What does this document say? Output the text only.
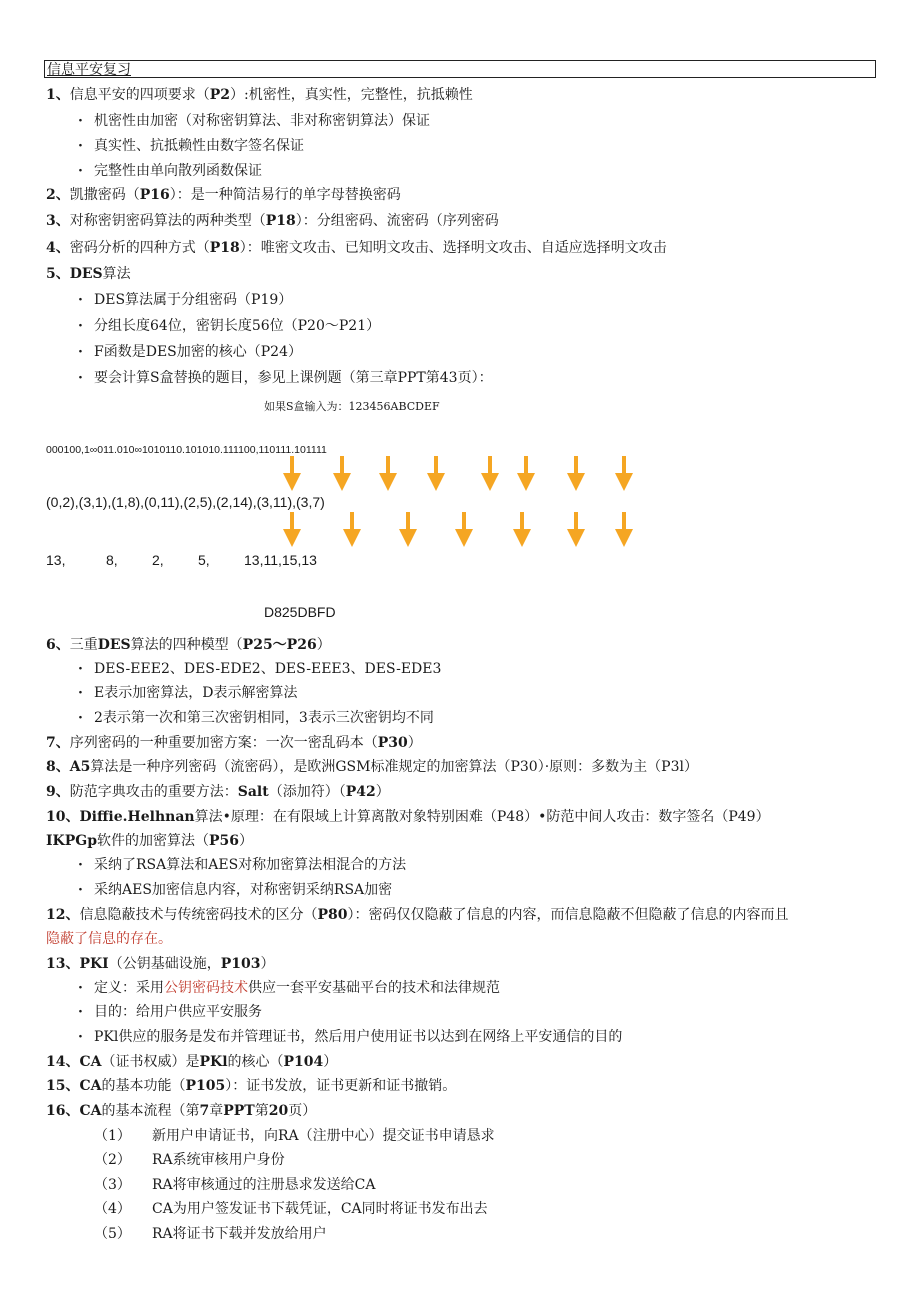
信息平安复习
1、信息平安的四项要求（P2）:机密性，真实性，完整性，抗抵赖性
· 机密性由加密（对称密钥算法、非对称密钥算法）保证
· 真实性、抗抵赖性由数字签名保证
· 完整性由单向散列函数保证
2、凯撒密码（P16）：是一种简洁易行的单字母替换密码
3、对称密钥密码算法的两种类型（P18）：分组密码、流密码（序列密码
4、密码分析的四种方式（P18）：唯密文攻击、已知明文攻击、选择明文攻击、自适应选择明文攻击
5、DES算法
· DES算法属于分组密码（P19）
· 分组长度64位，密钥长度56位（P20～P21）
· F函数是DES加密的核心（P24）
· 要会计算S盒替换的题目，参见上课例题（第三章PPT第43页）：
如果S盒输入为：123456ABCDEF
000100,1∞011.010∞1010110.101010.111100,110111.101111
(0,2),(3,1),(1,8),(0,11),(2,5),(2,14),(3,11),(3,7)
13,	8, 2, 5, 13,11,15,13
D825DBFD
6、三重DES算法的四种模型（P25～P26）
· DES-EEE2、DES-EDE2、DES-EEE3、DES-EDE3
· E表示加密算法，D表示解密算法
· 2表示第一次和第三次密钥相同，3表示三次密钥均不同
7、序列密码的一种重要加密方案：一次一密乱码本（P30）
8、A5算法是一种序列密码（流密码），是欧洲GSM标准规定的加密算法（P30）·原则：多数为主（P3l）
9、防范字典攻击的重要方法：Salt（添加符）（P42）
10、Diffie.Helhnan算法•原理：在有限域上计算离散对象特别困难（P48）•防范中间人攻击：数字签名（P49）
IKPGp软件的加密算法（P56）
· 采纳了RSA算法和AES对称加密算法相混合的方法
· 采纳AES加密信息内容，对称密钥采纳RSA加密
12、信息隐蔽技术与传统密码技术的区分（P80）：密码仅仅隐蔽了信息的内容，而信息隐蔽不但隐蔽了信息的内容而且
隐蔽了信息的存在。
13、PKI（公钥基础设施，P103）
· 定义：采用公钥密码技术供应一套平安基础平台的技术和法律规范
· 目的：给用户供应平安服务
· PKl供应的服务是发布并管理证书，然后用户使用证书以达到在网络上平安通信的目的
14、CA（证书权威）是PKl的核心（P104）
15、CA的基本功能（P105）：证书发放，证书更新和证书撤销。
16、CA的基本流程（第7章PPT第20页）
（1） 新用户申请证书，向RA（注册中心）提交证书申请恳求
（2） RA系统审核用户身份
（3） RA将审核通过的注册恳求发送给CA
（4） CA为用户签发证书下载凭证，CA同时将证书发布出去
（5） RA将证书下载并发放给用户
